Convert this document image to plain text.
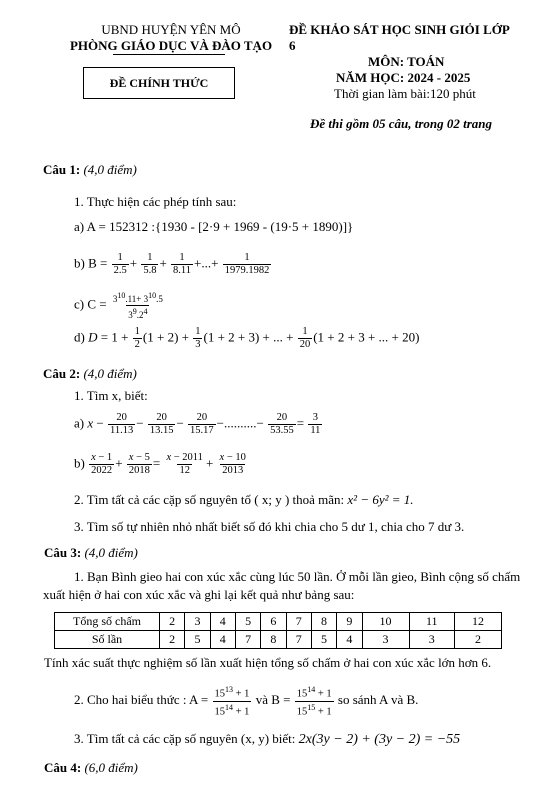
UBND HUYỆN YÊN MÔ
PHÒNG GIÁO DỤC VÀ ĐÀO TẠO
ĐỀ CHÍNH THỨC
ĐỀ KHẢO SÁT HỌC SINH GIỎI LỚP
6
MÔN: TOÁN
NĂM HỌC: 2024 - 2025
Thời gian làm bài:120 phút
Đề thi gồm 05 câu, trong 02 trang
Câu 1: (4,0 điểm)
1. Thực hiện các phép tính sau:
a) A = 152312 :{1930 - [2·9 + 1969 - (19·5 + 1890)]}
b) $B = \frac{1}{2.5} + \frac{1}{5.8} + \frac{1}{8.11}$ +...+ $\frac{1}{1979.1982}$
c) $C = \frac{3^{10}.11+ 3^{10}.5}{3^9.2^4}$
d) $D = 1 + \frac{1}{2} (1 + 2) + \frac{1}{3} (1 + 2 + 3)$ + ... + $\frac{1}{20} (1 + 2 + 3$ + ... + 20)
Câu 2: (4,0 điểm)
1. Tìm x, biết:
a) $x - \frac{20}{11.13} - \frac{20}{13.15} - \frac{20}{15.17}$ −..........− $\frac{20}{53.55} = \frac{3}{11}$
$b) \frac{x - 1}{2022} + \frac{x - 5}{2018} = \frac{x - 2011}{12} + \frac{x - 10}{2013}$
2. Tìm tất cả các cặp số nguyên tố ( x; y ) thoả mãn: x² − 6y² = 1.
3. Tìm số tự nhiên nhỏ nhất biết số đó khi chia cho 5 dư 1, chia cho 7 dư 3.
Câu 3: (4,0 điểm)
1. Bạn Bình gieo hai con xúc xắc cùng lúc 50 lần. Ở mỗi lần gieo, Bình cộng số chấm
xuất hiện ở hai con xúc xắc và ghi lại kết quả như bảng sau:
Tổng số chấm	2	3	4	5	6	7	8	9	10	11	12
Số lần	2	5	4	7	8	7	5	4	3	3	2
Tính xác suất thực nghiệm số lần xuất hiện tổng số chấm ở hai con xúc xắc lớn hơn 6.
2. Cho hai biểu thức : $A = \frac{15^{13} + 1}{15^{14} + 1}$ và $B = \frac{15^{14} + 1}{15^{15} + 1}$ so sánh A và B.
3. Tìm tất cả các cặp số nguyên (x, y) biết: 2x(3y − 2) + (3y − 2) = −55
Câu 4: (6,0 điểm)
